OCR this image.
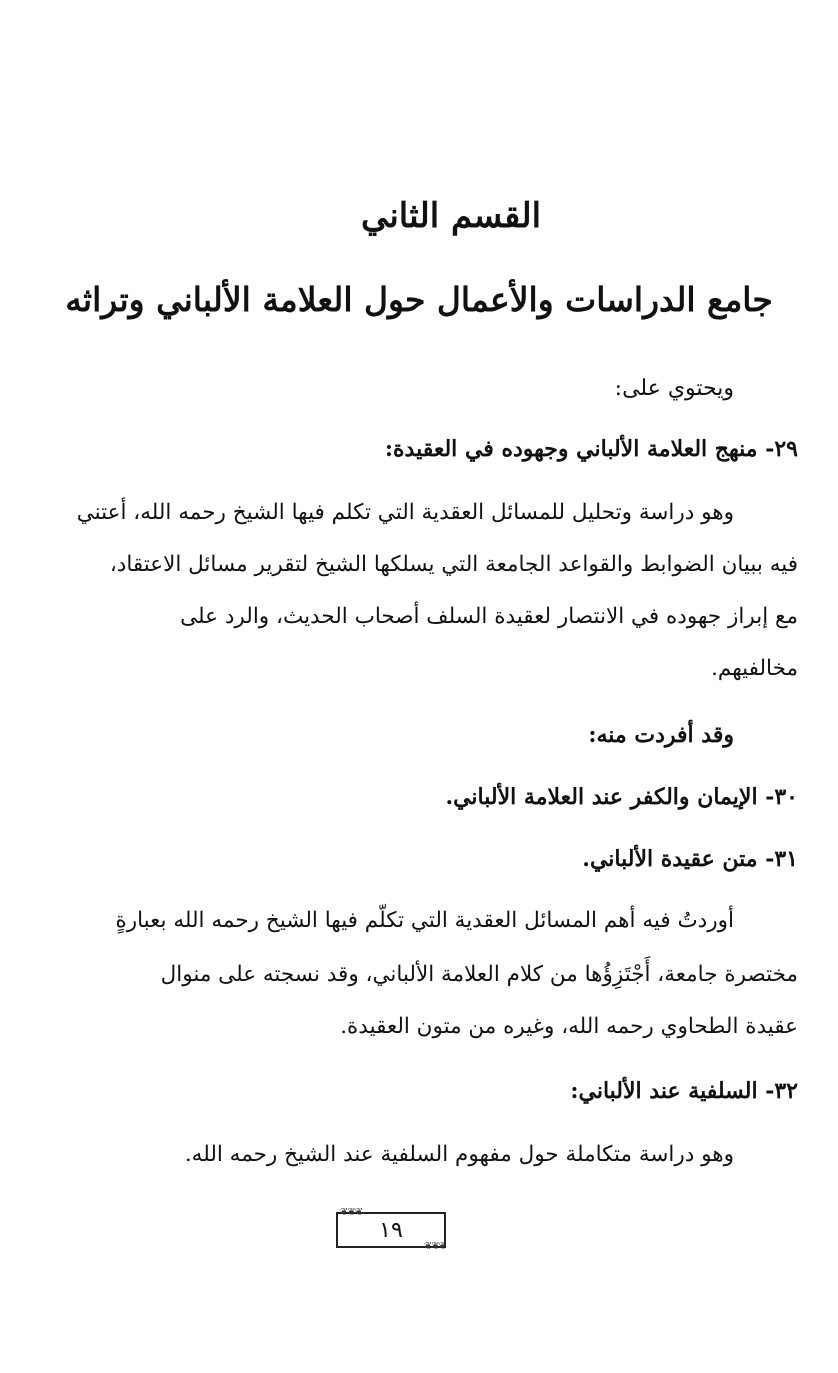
القسم الثاني
جامع الدراسات والأعمال حول العلامة الألباني وتراثه
ويحتوي على:
٢٩- منهج العلامة الألباني وجهوده في العقيدة:
وهو دراسة وتحليل للمسائل العقدية التي تكلم فيها الشيخ رحمه الله، أعتني
فيه ببيان الضوابط والقواعد الجامعة التي يسلكها الشيخ لتقرير مسائل الاعتقاد،
مع إبراز جهوده في الانتصار لعقيدة السلف أصحاب الحديث، والرد على
مخالفيهم.
وقد أفردت منه:
٣٠- الإيمان والكفر عند العلامة الألباني.
٣١- متن عقيدة الألباني.
أوردتُ فيه أهم المسائل العقدية التي تكلّم فيها الشيخ رحمه الله بعبارةٍ
مختصرة جامعة، أَجْتَزِؤُها من كلام العلامة الألباني، وقد نسجته على منوال
عقيدة الطحاوي رحمه الله، وغيره من متون العقيدة.
٣٢- السلفية عند الألباني:
وهو دراسة متكاملة حول مفهوم السلفية عند الشيخ رحمه الله.
❦❦❦
١٩
❦❦❦
